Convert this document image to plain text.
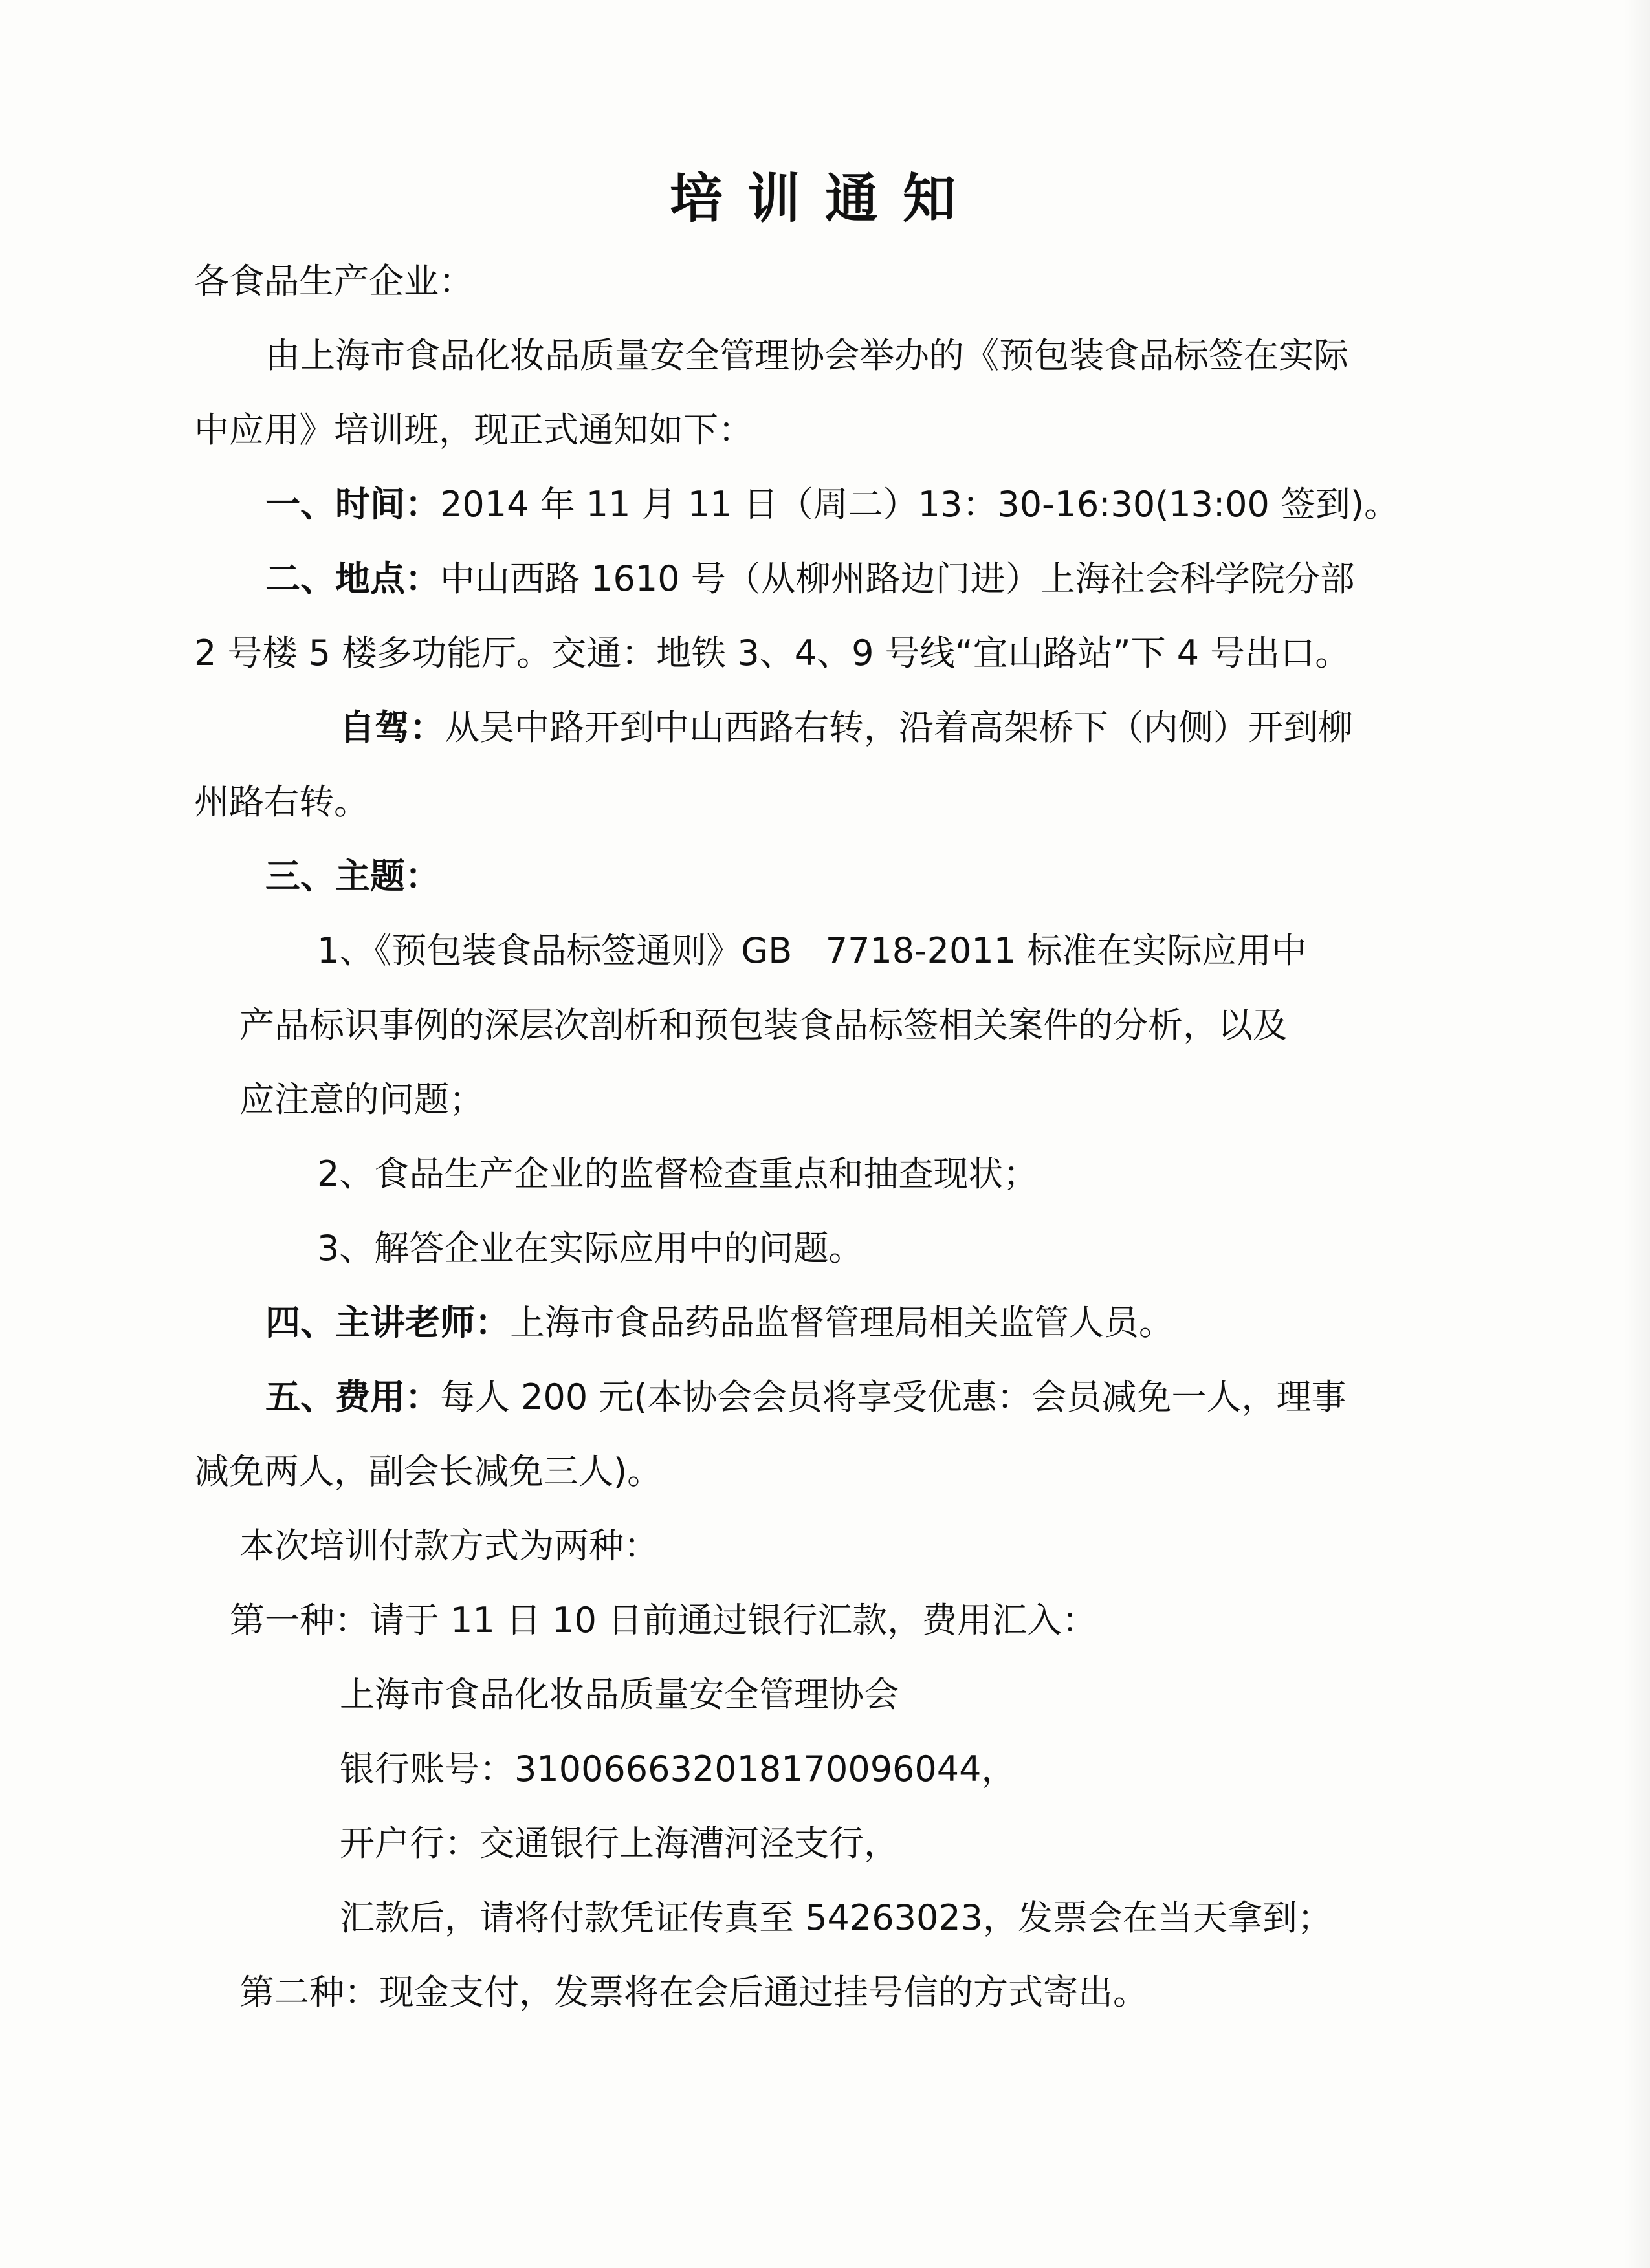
培训通知
各食品生产企业：
由上海市食品化妆品质量安全管理协会举办的《预包装食品标签在实际
中应用》培训班，现正式通知如下：
一、时间：2014 年 11 月 11 日（周二）13：30-16:30(13:00 签到)。
二、地点：中山西路 1610 号（从柳州路边门进）上海社会科学院分部
2 号楼 5 楼多功能厅。交通：地铁 3、4、9 号线“宜山路站”下 4 号出口。
自驾：从吴中路开到中山西路右转，沿着高架桥下（内侧）开到柳
州路右转。
三、主题：
1、《预包装食品标签通则》GB   7718-2011 标准在实际应用中
产品标识事例的深层次剖析和预包装食品标签相关案件的分析，以及
应注意的问题；
2、食品生产企业的监督检查重点和抽查现状；
3、解答企业在实际应用中的问题。
四、主讲老师：上海市食品药品监督管理局相关监管人员。
五、费用：每人 200 元(本协会会员将享受优惠：会员减免一人，理事
减免两人，副会长减免三人)。
本次培训付款方式为两种：
第一种：请于 11 日 10 日前通过银行汇款，费用汇入：
上海市食品化妆品质量安全管理协会
银行账号：310066632018170096044，
开户行：交通银行上海漕河泾支行，
汇款后，请将付款凭证传真至 54263023，发票会在当天拿到；
第二种：现金支付，发票将在会后通过挂号信的方式寄出。
